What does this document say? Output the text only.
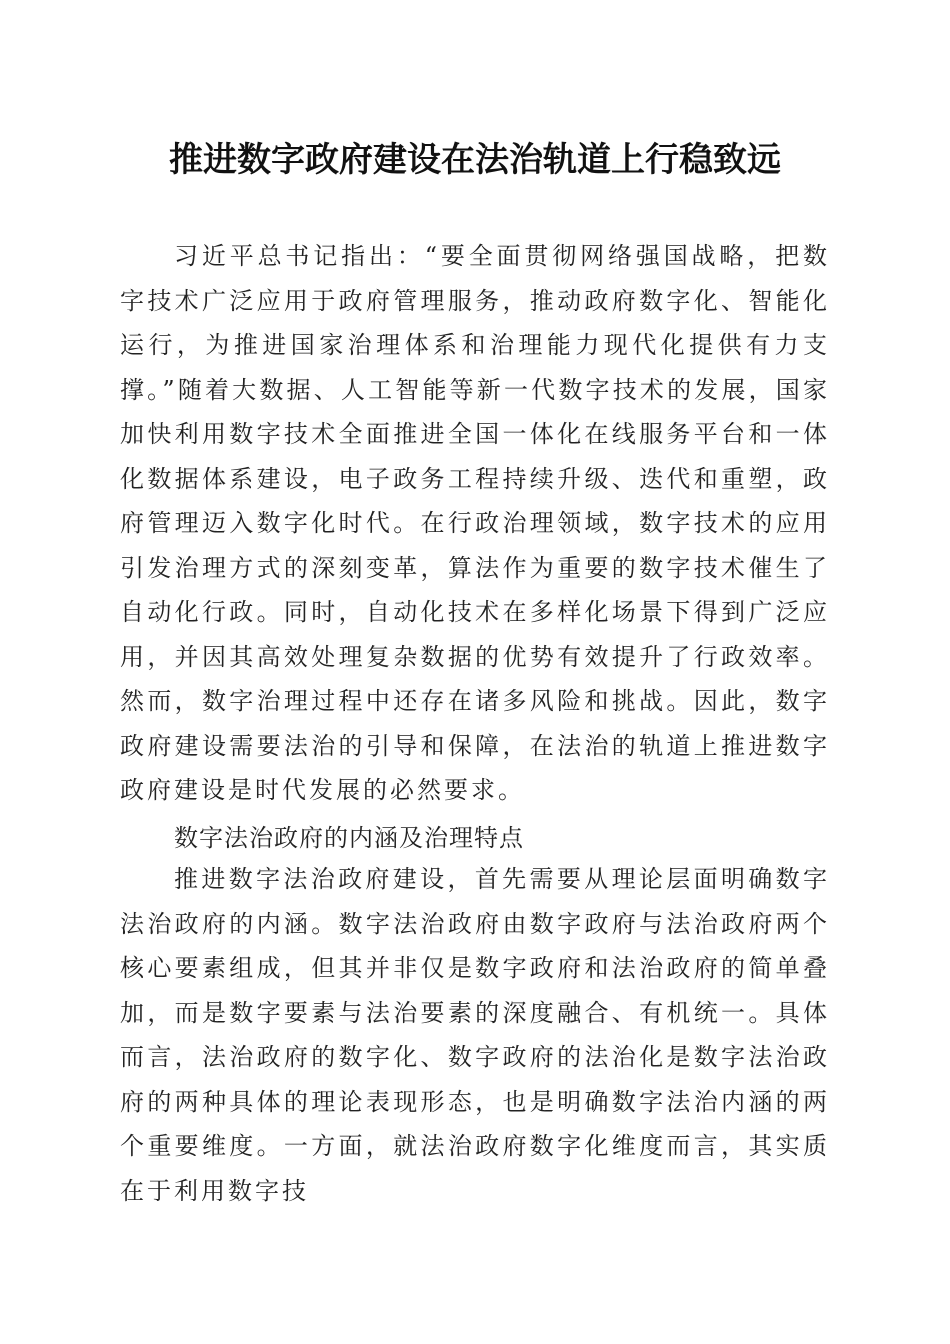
推进数字政府建设在法治轨道上行稳致远

习近平总书记指出：“要全面贯彻网络强国战略，把数字技术广泛应用于政府管理服务，推动政府数字化、智能化运行，为推进国家治理体系和治理能力现代化提供有力支撑。”随着大数据、人工智能等新一代数字技术的发展，国家加快利用数字技术全面推进全国一体化在线服务平台和一体化数据体系建设，电子政务工程持续升级、迭代和重塑，政府管理迈入数字化时代。在行政治理领域，数字技术的应用引发治理方式的深刻变革，算法作为重要的数字技术催生了自动化行政。同时，自动化技术在多样化场景下得到广泛应用，并因其高效处理复杂数据的优势有效提升了行政效率。然而，数字治理过程中还存在诸多风险和挑战。因此，数字政府建设需要法治的引导和保障，在法治的轨道上推进数字政府建设是时代发展的必然要求。

数字法治政府的内涵及治理特点

推进数字法治政府建设，首先需要从理论层面明确数字法治政府的内涵。数字法治政府由数字政府与法治政府两个核心要素组成，但其并非仅是数字政府和法治政府的简单叠加，而是数字要素与法治要素的深度融合、有机统一。具体而言，法治政府的数字化、数字政府的法治化是数字法治政府的两种具体的理论表现形态，也是明确数字法治内涵的两个重要维度。一方面，就法治政府数字化维度而言，其实质在于利用数字技
